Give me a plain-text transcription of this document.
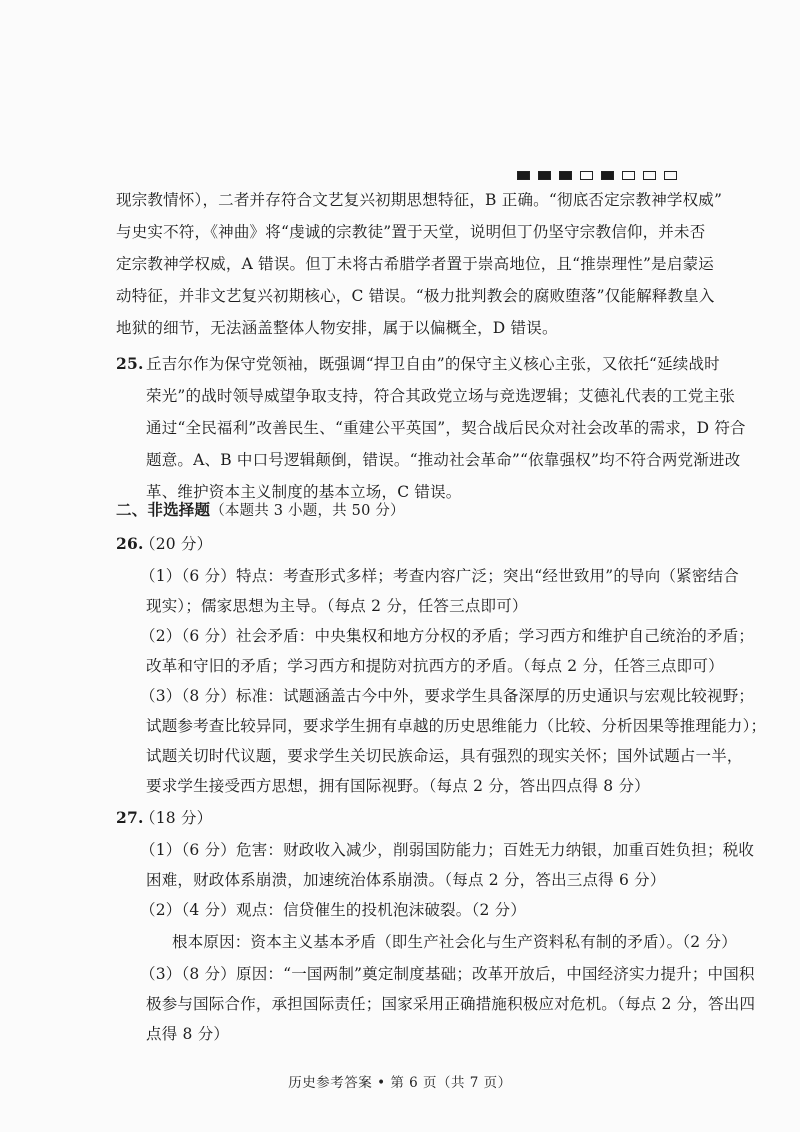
现宗教情怀），二者并存符合文艺复兴初期思想特征，B 正确。“彻底否定宗教神学权威”
与史实不符，《神曲》将“虔诚的宗教徒”置于天堂，说明但丁仍坚守宗教信仰，并未否
定宗教神学权威，A 错误。但丁未将古希腊学者置于崇高地位，且“推崇理性”是启蒙运
动特征，并非文艺复兴初期核心，C 错误。“极力批判教会的腐败堕落”仅能解释教皇入
地狱的细节，无法涵盖整体人物安排，属于以偏概全，D 错误。
25. 丘吉尔作为保守党领袖，既强调“捍卫自由”的保守主义核心主张，又依托“延续战时
荣光”的战时领导威望争取支持，符合其政党立场与竞选逻辑；艾德礼代表的工党主张
通过“全民福利”改善民生、“重建公平英国”，契合战后民众对社会改革的需求，D 符合
题意。A、B 中口号逻辑颠倒，错误。“推动社会革命”“依靠强权”均不符合两党渐进改
革、维护资本主义制度的基本立场，C 错误。
二、非选择题（本题共 3 小题，共 50 分）
26.
（20 分）
（1）（6 分）特点：考查形式多样；考查内容广泛；突出“经世致用”的导向（紧密结合
现实）；儒家思想为主导。（每点 2 分，任答三点即可）
（2）（6 分）社会矛盾：中央集权和地方分权的矛盾；学习西方和维护自己统治的矛盾；
改革和守旧的矛盾；学习西方和提防对抗西方的矛盾。（每点 2 分，任答三点即可）
（3）（8 分）标准：试题涵盖古今中外，要求学生具备深厚的历史通识与宏观比较视野；
试题参考查比较异同，要求学生拥有卓越的历史思维能力（比较、分析因果等推理能力）；
试题关切时代议题，要求学生关切民族命运，具有强烈的现实关怀；国外试题占一半，
要求学生接受西方思想，拥有国际视野。（每点 2 分，答出四点得 8 分）
27.
（18 分）
（1）（6 分）危害：财政收入减少，削弱国防能力；百姓无力纳银，加重百姓负担；税收
困难，财政体系崩溃，加速统治体系崩溃。（每点 2 分，答出三点得 6 分）
（2）（4 分）观点：信贷催生的投机泡沫破裂。（2 分）
根本原因：资本主义基本矛盾（即生产社会化与生产资料私有制的矛盾）。（2 分）
（3）（8 分）原因：“一国两制”奠定制度基础；改革开放后，中国经济实力提升；中国积
极参与国际合作，承担国际责任；国家采用正确措施积极应对危机。（每点 2 分，答出四
点得 8 分）
历史参考答案 • 第 6 页（共 7 页）
